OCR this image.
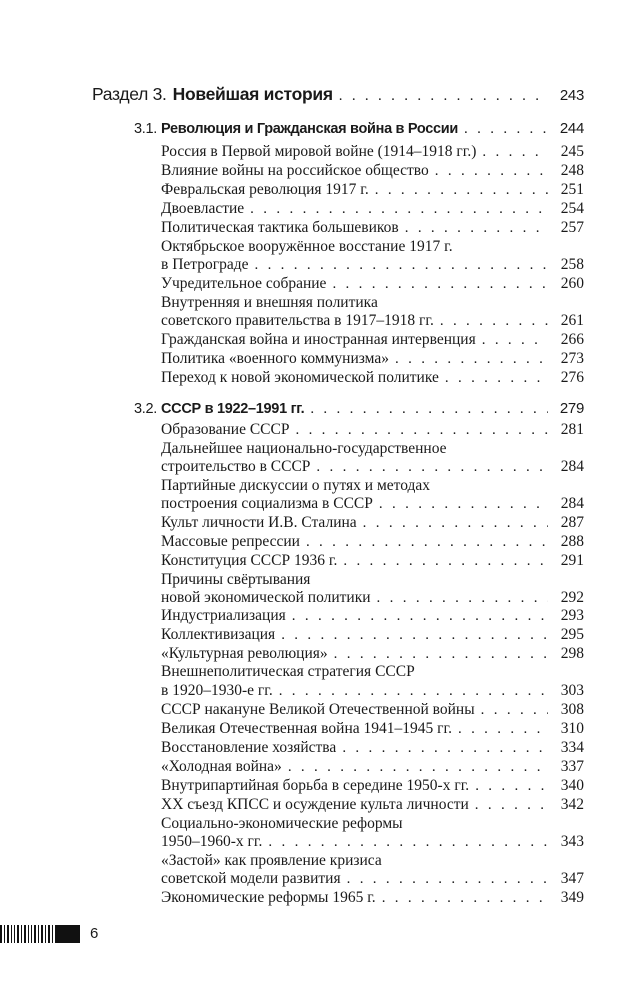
Раздел 3. Новейшая история . . .	243
3.1. Революция и Гражданская война в России . . .	244
Россия в Первой мировой войне (1914–1918 гг.) . . .	245
Влияние войны на российское общество . . .	248
Февральская революция 1917 г. . . .	251
Двоевластие . . .	254
Политическая тактика большевиков . . .	257
Октябрьское вооружённое восстание 1917 г.
в Петрограде . . .	258
Учредительное собрание . . .	260
Внутренняя и внешняя политика
советского правительства в 1917–1918 гг. . . .	261
Гражданская война и иностранная интервенция . . .	266
Политика «военного коммунизма» . . .	273
Переход к новой экономической политике . . .	276
3.2. СССР в 1922–1991 гг. . . .	279
Образование СССР . . .	281
Дальнейшее национально-государственное
строительство в СССР . . .	284
Партийные дискуссии о путях и методах
построения социализма в СССР . . .	284
Культ личности И.В. Сталина . . .	287
Массовые репрессии . . .	288
Конституция СССР 1936 г. . . .	291
Причины свёртывания
новой экономической политики . . .	292
Индустриализация . . .	293
Коллективизация . . .	295
«Культурная революция» . . .	298
Внешнеполитическая стратегия СССР
в 1920–1930-е гг. . . .	303
СССР накануне Великой Отечественной войны . . .	308
Великая Отечественная война 1941–1945 гг. . . .	310
Восстановление хозяйства . . .	334
«Холодная война» . . .	337
Внутрипартийная борьба в середине 1950-х гг. . . .	340
XX съезд КПСС и осуждение культа личности . . .	342
Социально-экономические реформы
1950–1960-х гг. . . .	343
«Застой» как проявление кризиса
советской модели развития . . .	347
Экономические реформы 1965 г. . . .	349
6
